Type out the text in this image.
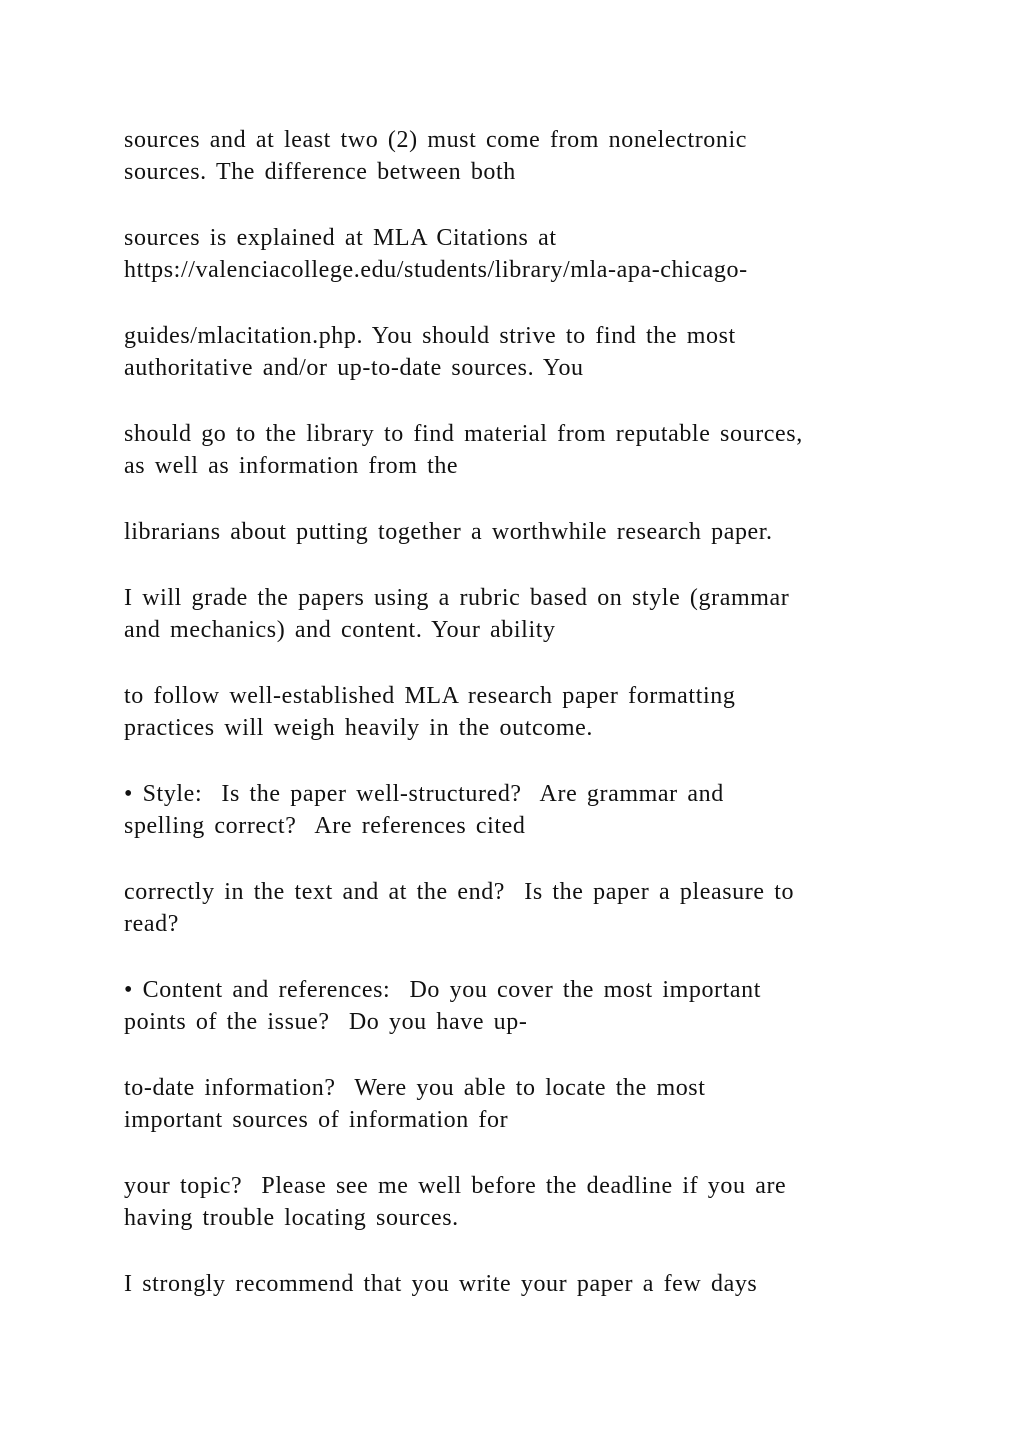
sources and at least two (2) must come from nonelectronic
sources. The difference between both
sources is explained at MLA Citations at
https://valenciacollege.edu/students/library/mla-apa-chicago-
guides/mlacitation.php. You should strive to find the most
authoritative and/or up-to-date sources. You
should go to the library to find material from reputable sources,
as well as information from the
librarians about putting together a worthwhile research paper.
I will grade the papers using a rubric based on style (grammar
and mechanics) and content. Your ability
to follow well-established MLA research paper formatting
practices will weigh heavily in the outcome.
• Style:  Is the paper well-structured?  Are grammar and
spelling correct?  Are references cited
correctly in the text and at the end?  Is the paper a pleasure to
read?
• Content and references:  Do you cover the most important
points of the issue?  Do you have up-
to-date information?  Were you able to locate the most
important sources of information for
your topic?  Please see me well before the deadline if you are
having trouble locating sources.
I strongly recommend that you write your paper a few days
